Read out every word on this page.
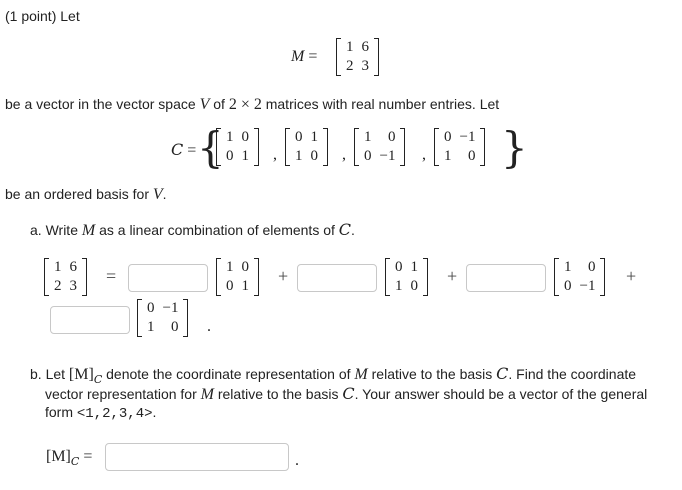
(1 point) Let
M =
1	6
2	3
be a vector in the vector space V of 2 × 2 matrices with real number entries. Let
C = { 1	0
0	1 ,
0	1
1	0 ,
1	0
0	−1 ,
0	−1
1	0 }
be an ordered basis for V.
a. Write M as a linear combination of elements of C.
1	6
2	3 =	1	0
0	1 +	0	1
1	0 +	1	0
0	−1 +
0	−1
1	0 .
b. Let $[M]_C$ denote the coordinate representation of M relative to the basis C. Find the coordinate
vector representation for M relative to the basis C. Your answer should be a vector of the general
form <1,2,3,4>.
$[M]_C$ =	.
